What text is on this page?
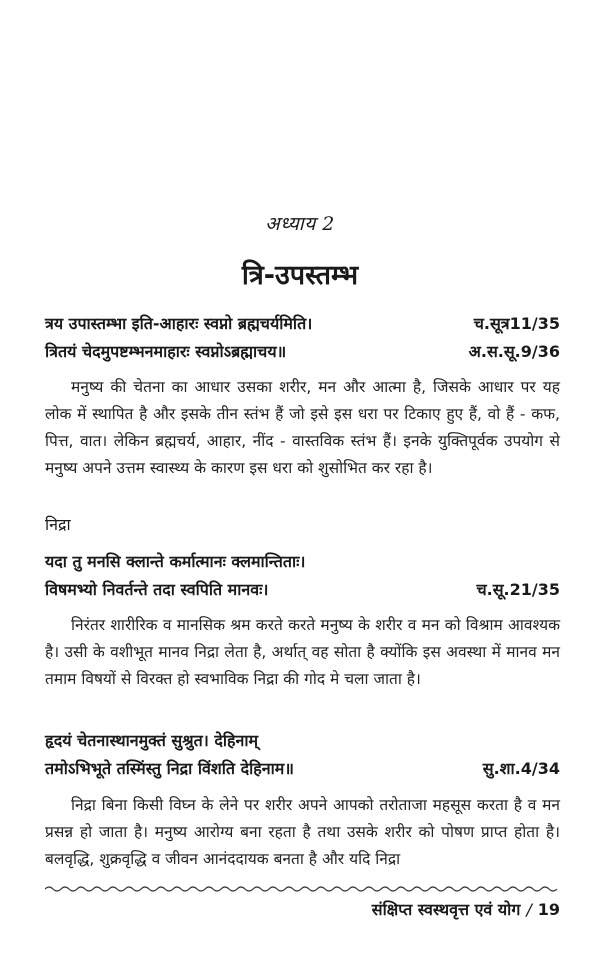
अध्याय 2
त्रि-उपस्तम्भ
त्रय उपास्तम्भा इति-आहारः स्वप्नो ब्रह्मचर्यमिति।	च.सूत्र11/35
त्रितयं चेदमुपष्टम्भनमाहारः स्वप्नोऽब्रह्माचय॥	अ.स.सू.9/36
मनुष्य की चेतना का आधार उसका शरीर, मन और आत्मा है, जिसके आधार पर यह लोक में स्थापित है और इसके तीन स्तंभ हैं जो इसे इस धरा पर टिकाए हुए हैं, वो हैं - कफ, पित्त, वात। लेकिन ब्रह्मचर्य, आहार, नींद - वास्तविक स्तंभ हैं। इनके युक्तिपूर्वक उपयोग से मनुष्य अपने उत्तम स्वास्थ्य के कारण इस धरा को शुसोभित कर रहा है।
निद्रा
यदा तु मनसि क्लान्ते कर्मात्मानः क्लमान्तिताः।
विषमभ्यो निवर्तन्ते तदा स्वपिति मानवः।	च.सू.21/35
निरंतर शारीरिक व मानसिक श्रम करते करते मनुष्य के शरीर व मन को विश्राम आवश्यक है। उसी के वशीभूत मानव निद्रा लेता है, अर्थात् वह सोता है क्योंकि इस अवस्था में मानव मन तमाम विषयों से विरक्त हो स्वभाविक निद्रा की गोद मे चला जाता है।
हृदयं चेतनास्थानमुक्तं सुश्रुत। देहिनाम्
तमोऽभिभूते तस्मिंस्तु निद्रा विंशति देहिनाम॥	सु.शा.4/34
निद्रा बिना किसी विघ्न के लेने पर शरीर अपने आपको तरोताजा महसूस करता है व मन प्रसन्न हो जाता है। मनुष्य आरोग्य बना रहता है तथा उसके शरीर को पोषण प्राप्त होता है। बलवृद्धि, शुक्रवृद्धि व जीवन आनंददायक बनता है और यदि निद्रा
संक्षिप्त स्वस्थवृत्त एवं योग / 19
